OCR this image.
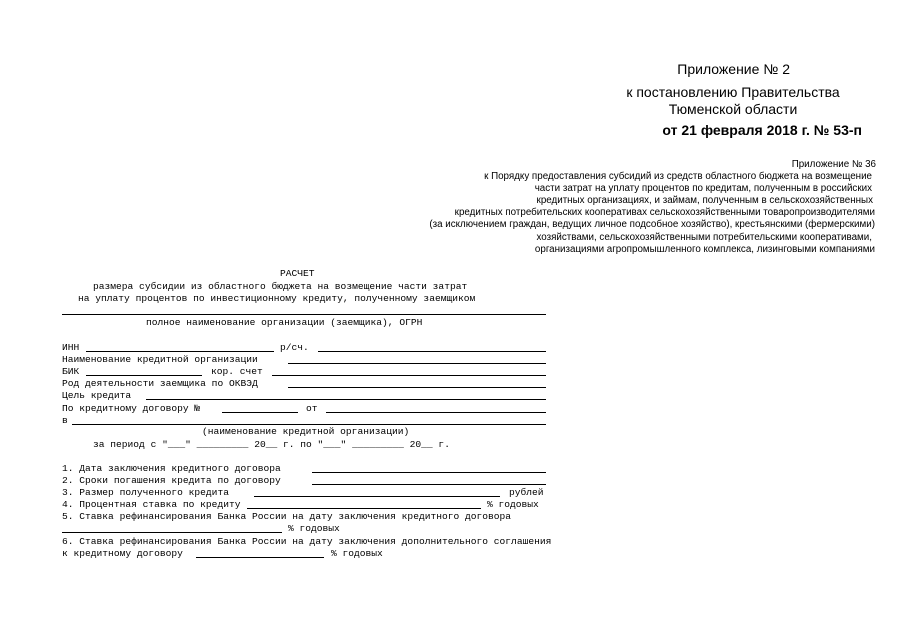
Приложение № 2
к постановлению Правительства
Тюменской области
от 21 февраля 2018 г. № 53-п
Приложение № 36
к Порядку предоставления субсидий из средств областного бюджета на возмещение
части затрат на уплату процентов по кредитам, полученным в российских
кредитных организациях, и займам, полученным в сельскохозяйственных
кредитных потребительских кооперативах сельскохозяйственными товаропроизводителями
(за исключением граждан, ведущих личное подсобное хозяйство), крестьянскими (фермерскими)
хозяйствами, сельскохозяйственными потребительскими кооперативами,
организациями агропромышленного комплекса, лизинговыми компаниями
РАСЧЕТ
размера субсидии из областного бюджета на возмещение части затрат
на уплату процентов по инвестиционному кредиту, полученному заемщиком
полное наименование организации (заемщика), ОГРН
ИНН	р/сч.
Наименование кредитной организации
БИК	кор. счет
Род деятельности заемщика по ОКВЭД
Цель кредита
По кредитному договору №	от
в
(наименование кредитной организации)
за период с "___" _________ 20__ г. по "___" _________ 20__ г.
1. Дата заключения кредитного договора
2. Сроки погашения кредита по договору
3. Размер полученного кредита	рублей
4. Процентная ставка по кредиту	% годовых
5. Ставка рефинансирования Банка России на дату заключения кредитного договора
% годовых
6. Ставка рефинансирования Банка России на дату заключения дополнительного соглашения
к кредитному договору	% годовых
